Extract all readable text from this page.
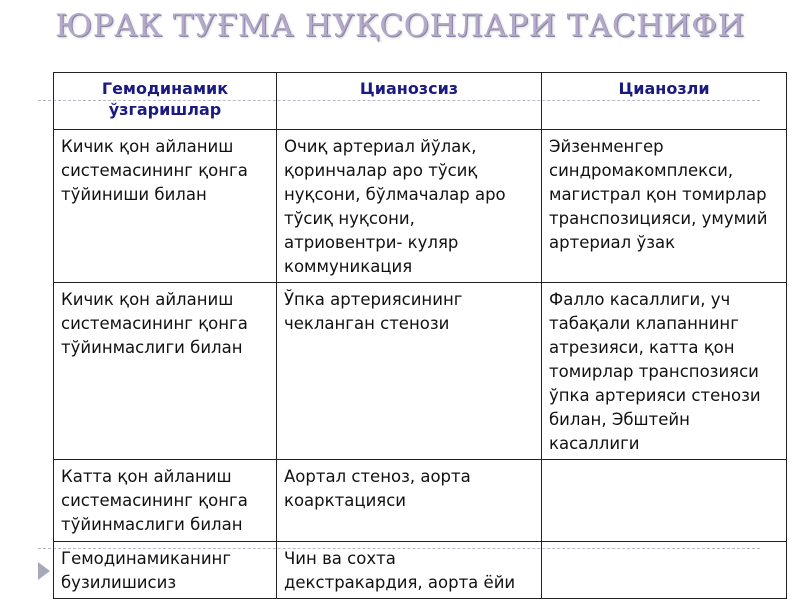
ЮРАК ТУҒМА НУҚСОНЛАРИ ТАСНИФИ
Гемодинамик ўзгаришлар	Цианозсиз	Цианозли
Кичик қон айланиш системасининг қонга тўйиниши билан	Очиқ артериал йўлак, қоринчалар аро тўсиқ нуқсони, бўлмачалар аро тўсиқ нуқсони, атриовентри- куляр коммуникация	Эйзенменгер синдромакомплекси, магистрал қон томирлар транспозицияси, умумий артериал ўзак
Кичик қон айланиш системасининг қонга тўйинмаслиги билан	Ўпка артериясининг чекланган стенози	Фалло касаллиги, уч табақали клапаннинг атрезияси, катта қон томирлар транспозияси ўпка артерияси стенози билан, Эбштейн касаллиги
Катта қон айланиш системасининг қонга тўйинмаслиги билан	Аортал стеноз, аорта коарктацияси	
Гемодинамиканинг бузилишисиз	Чин ва сохта декстракардия, аорта ёйи	
